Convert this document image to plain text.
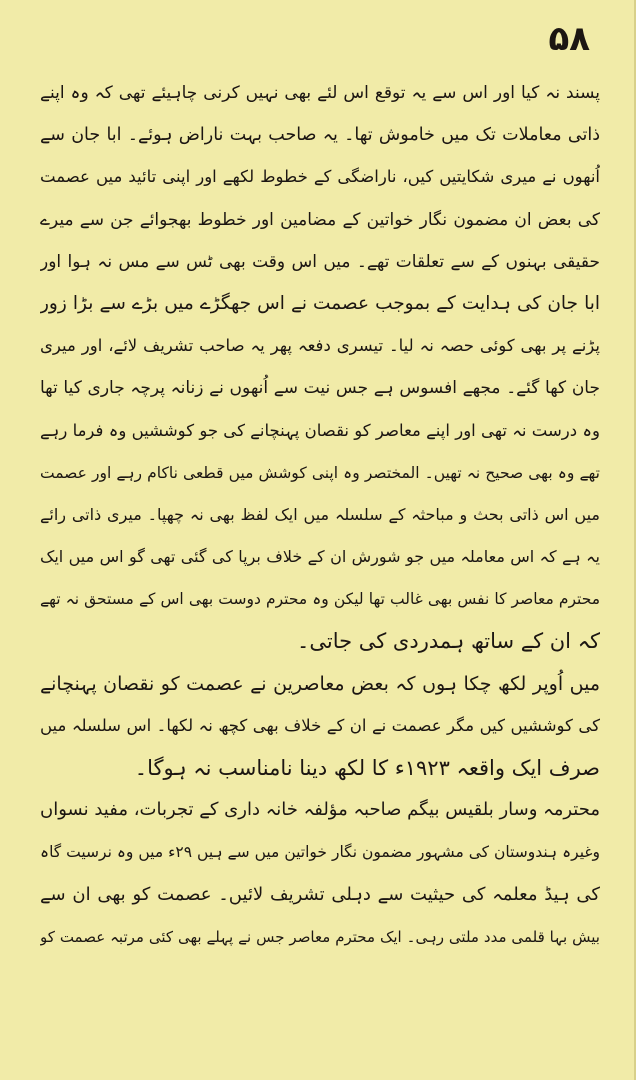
۵۸
پسند نہ کیا اور اس سے یہ توقع اس لئے بھی نہیں کرنی چاہیئے تھی کہ وہ اپنے
ذاتی معاملات تک میں خاموش تھا۔ یہ صاحب بہت ناراض ہوئے۔ ابا جان سے
اُنھوں نے میری شکایتیں کیں، ناراضگی کے خطوط لکھے اور اپنی تائید میں عصمت
کی بعض ان مضمون نگار خواتین کے مضامین اور خطوط بھجوائے جن سے میرے
حقیقی بہنوں کے سے تعلقات تھے۔ میں اس وقت بھی ٹس سے مس نہ ہوا اور
ابا جان کی ہدایت کے بموجب عصمت نے اس جھگڑے میں بڑے سے بڑا زور
پڑنے پر بھی کوئی حصہ نہ لیا۔ تیسری دفعہ پھر یہ صاحب تشریف لائے، اور میری
جان کھا گئے۔ مجھے افسوس ہے جس نیت سے اُنھوں نے زنانہ پرچہ جاری کیا تھا
وہ درست نہ تھی اور اپنے معاصر کو نقصان پہنچانے کی جو کوششیں وہ فرما رہے
تھے وہ بھی صحیح نہ تھیں۔ المختصر وہ اپنی کوشش میں قطعی ناکام رہے اور عصمت
میں اس ذاتی بحث و مباحثہ کے سلسلہ میں ایک لفظ بھی نہ چھپا۔ میری ذاتی رائے
یہ ہے کہ اس معاملہ میں جو شورش ان کے خلاف برپا کی گئی تھی گو اس میں ایک
محترم معاصر کا نفس بھی غالب تھا لیکن وہ محترم دوست بھی اس کے مستحق نہ تھے
کہ ان کے ساتھ ہمدردی کی جاتی۔
میں اُوپر لکھ چکا ہوں کہ بعض معاصرین نے عصمت کو نقصان پہنچانے
کی کوششیں کیں مگر عصمت نے ان کے خلاف بھی کچھ نہ لکھا۔ اس سلسلہ میں
صرف ایک واقعہ ۱۹۲۳ء کا لکھ دینا نامناسب نہ ہوگا۔
محترمہ وسار بلقیس بیگم صاحبہ مؤلفہ خانہ داری کے تجربات، مفید نسواں
وغیرہ ہندوستان کی مشہور مضمون نگار خواتین میں سے ہیں ۲۹ء میں وہ نرسیت گاہ
کی ہیڈ معلمہ کی حیثیت سے دہلی تشریف لائیں۔ عصمت کو بھی ان سے
بیش بہا قلمی مدد ملتی رہی۔ ایک محترم معاصر جس نے پہلے بھی کئی مرتبہ عصمت کو
